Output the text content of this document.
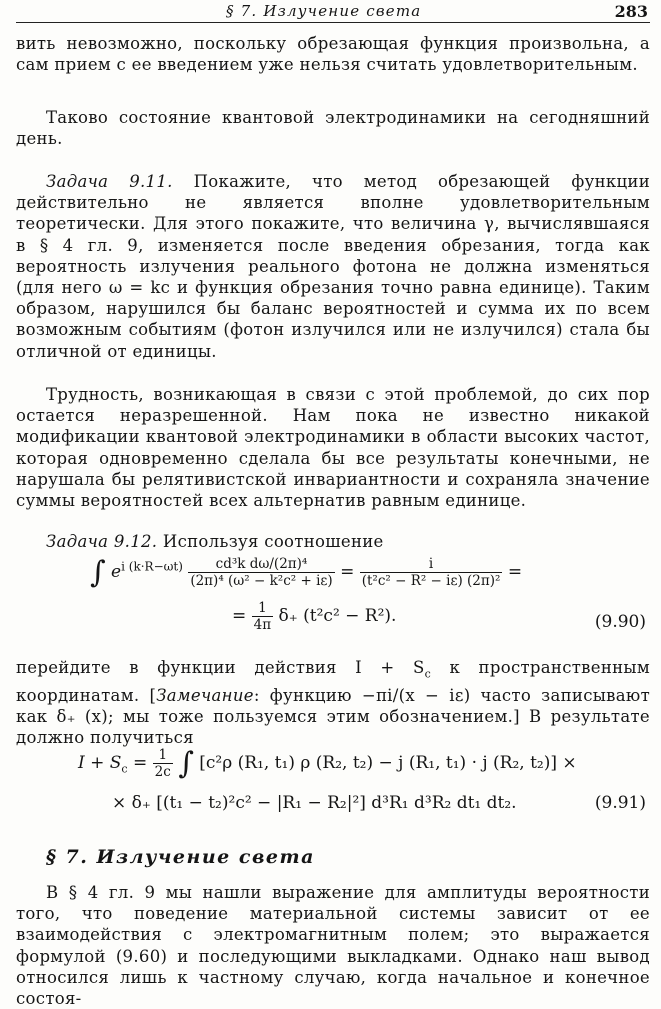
§ 7. Излучение света	283

вить невозможно, поскольку обрезающая функция произвольна, а сам прием с ее введением уже нельзя считать удовлетворительным.

Таково состояние квантовой электродинамики на сегодняшний день.

Задача 9.11. Покажите, что метод обрезающей функции действительно не является вполне удовлетворительным теоретически. Для этого покажите, что величина γ, вычислявшаяся в § 4 гл. 9, изменяется после введения обрезания, тогда как вероятность излучения реального фотона не должна изменяться (для него ω = kc и функция обрезания точно равна единице). Таким образом, нарушился бы баланс вероятностей и сумма их по всем возможным событиям (фотон излучился или не излучился) стала бы отличной от единицы.

Трудность, возникающая в связи с этой проблемой, до сих пор остается неразрешенной. Нам пока не известно никакой модификации квантовой электродинамики в области высоких частот, которая одновременно сделала бы все результаты конечными, не нарушала бы релятивистской инвариантности и сохраняла значение суммы вероятностей всех альтернатив равным единице.

Задача 9.12. Используя соотношение

∫ $e^{i (k\cdot R-\omega t)} \frac{\text{cd³k dω/(2π)⁴}}{\text{(2π)⁴ (ω² − k²c² + iε)}} = \frac{i}{\text{(t²c² − R² − iε) (2π)²}}$ =
= $\frac{1}{4\pi} \delta_+$ (t²c² − R²).	(9.90)

перейдите в функции действия $I + S_c$ к пространственным координатам. [Замечание: функцию −πi/(x − iε) часто записывают как δ₊ (x); мы тоже пользуемся этим обозначением.] В результате должно получиться

$I + S_c = \frac{1}{2c}$ ∫ [c²ρ (R₁, t₁) ρ (R₂, t₂) − j (R₁, t₁) · j (R₂, t₂)] ×
× δ₊ [(t₁ − t₂)²c² − |R₁ − R₂|²] d³R₁ d³R₂ dt₁ dt₂.	(9.91)
§ 7. Излучение света

В § 4 гл. 9 мы нашли выражение для амплитуды вероятности того, что поведение материальной системы зависит от ее взаимодействия с электромагнитным полем; это выражается формулой (9.60) и последующими выкладками. Однако наш вывод относился лишь к частному случаю, когда начальное и конечное состоя-
